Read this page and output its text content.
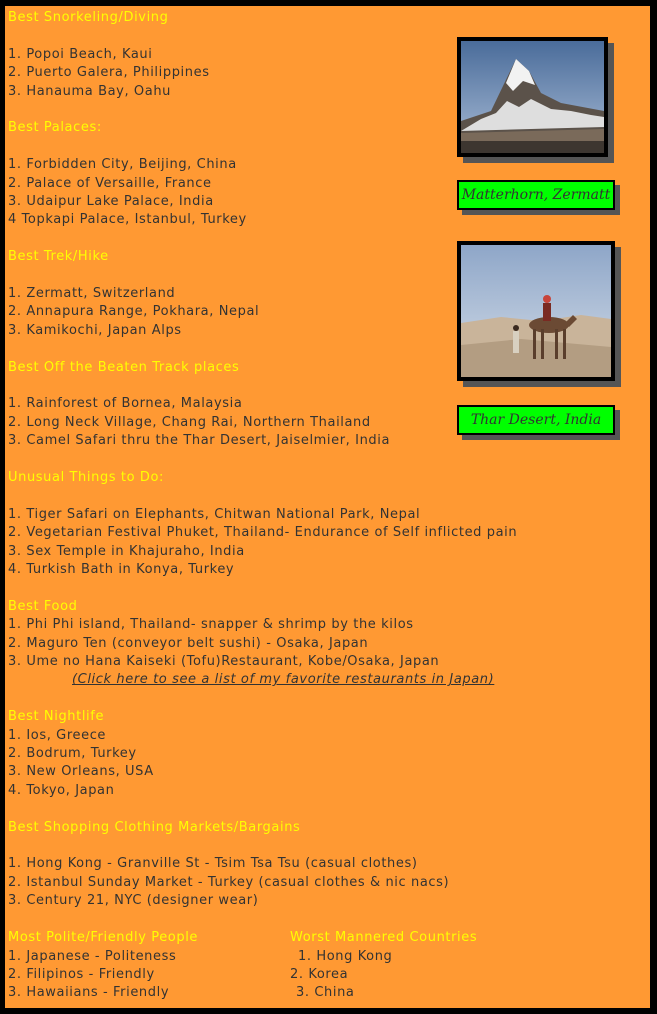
Best Snorkeling/Diving

1. Popoi Beach, Kaui

2. Puerto Galera, Philippines

3. Hanauma Bay, Oahu

Best Palaces:

1. Forbidden City, Beijing, China

2. Palace of Versaille, France

3. Udaipur Lake Palace, India

4 Topkapi Palace, Istanbul, Turkey

Best Trek/Hike

1. Zermatt, Switzerland

2. Annapura Range, Pokhara, Nepal

3. Kamikochi, Japan Alps

Best Off the Beaten Track places

1. Rainforest of Bornea, Malaysia

2. Long Neck Village, Chang Rai, Northern Thailand

3. Camel Safari thru the Thar Desert, Jaiselmier, India

Unusual Things to Do:

1. Tiger Safari on Elephants, Chitwan National Park, Nepal

2. Vegetarian Festival Phuket, Thailand- Endurance of Self inflicted pain

3. Sex Temple in Khajuraho, India

4. Turkish Bath in Konya, Turkey

Best Food

1. Phi Phi island, Thailand- snapper & shrimp by the kilos

2. Maguro Ten (conveyor belt sushi) - Osaka, Japan

3. Ume no Hana Kaiseki (Tofu)Restaurant, Kobe/Osaka, Japan

(Click here to see a list of my favorite restaurants in Japan)

Best Nightlife

1. Ios, Greece

2. Bodrum, Turkey

3. New Orleans, USA

4. Tokyo, Japan

Best Shopping Clothing Markets/Bargains

1. Hong Kong - Granville St - Tsim Tsa Tsu (casual clothes)

2. Istanbul Sunday Market - Turkey (casual clothes & nic nacs)

3. Century 21, NYC (designer wear)

Most Polite/Friendly People

1. Japanese - Politeness

2. Filipinos - Friendly

3. Hawaiians - Friendly

Worst Mannered Countries

1. Hong Kong

2. Korea

3. China

Matterhorn, Zermatt
Thar Desert, India
